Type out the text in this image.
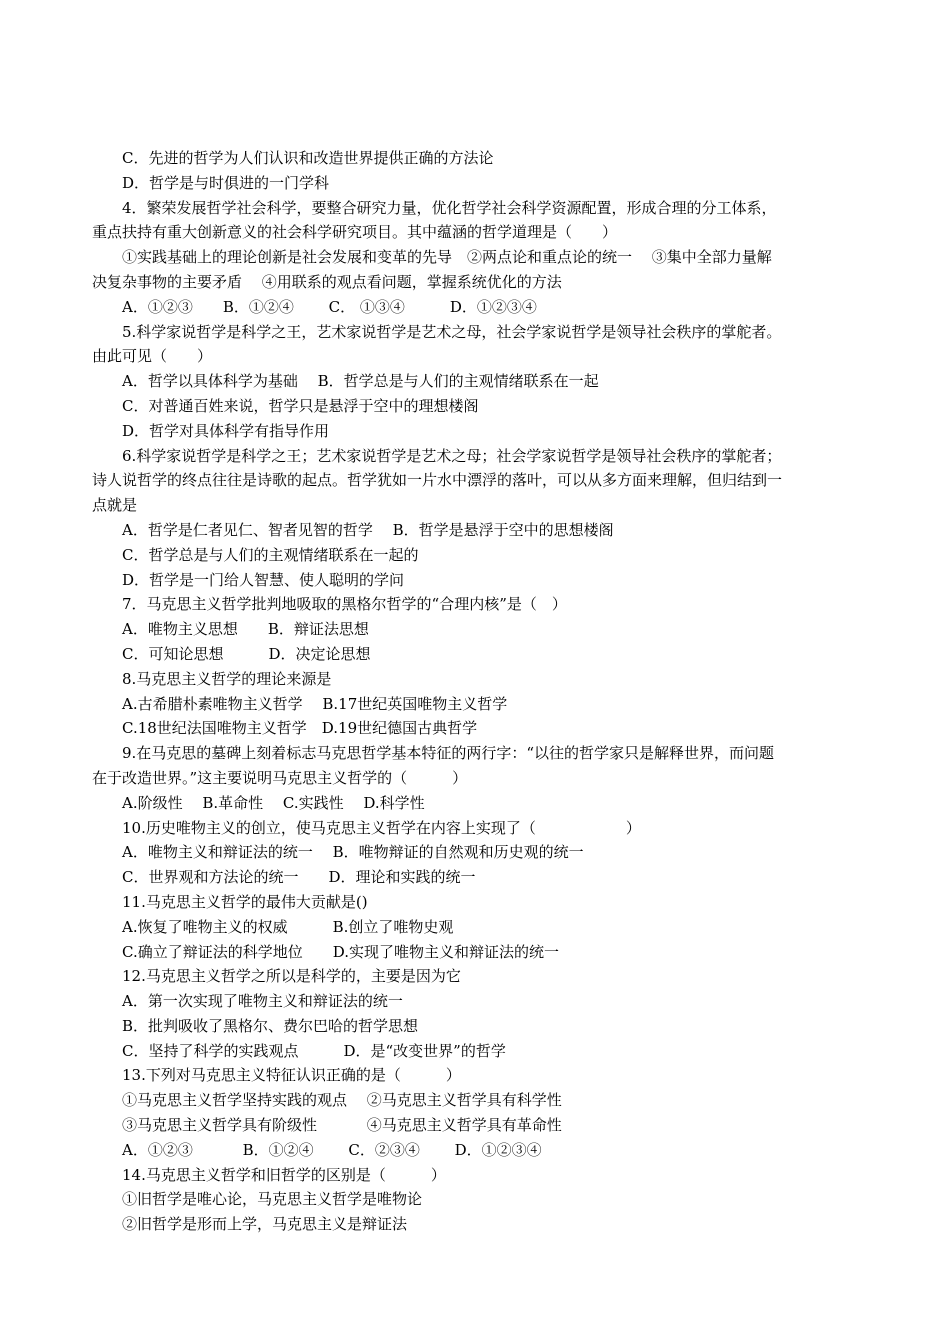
C．先进的哲学为人们认识和改造世界提供正确的方法论
D．哲学是与时俱进的一门学科
4．繁荣发展哲学社会科学，要整合研究力量，优化哲学社会科学资源配置，形成合理的分工体系，
重点扶持有重大创新意义的社会科学研究项目。其中蕴涵的哲学道理是（　　）
①实践基础上的理论创新是社会发展和变革的先导　②两点论和重点论的统一　 ③集中全部力量解
决复杂事物的主要矛盾　 ④用联系的观点看问题，掌握系统优化的方法
A．①②③　　B．①②④　　 C． ①③④　　　D．①②③④
5.科学家说哲学是科学之王，艺术家说哲学是艺术之母，社会学家说哲学是领导社会秩序的掌舵者。
由此可见（　　）
A．哲学以具体科学为基础　 B．哲学总是与人们的主观情绪联系在一起
C．对普通百姓来说，哲学只是悬浮于空中的理想楼阁
D．哲学对具体科学有指导作用
6.科学家说哲学是科学之王；艺术家说哲学是艺术之母；社会学家说哲学是领导社会秩序的掌舵者；
诗人说哲学的终点往往是诗歌的起点。哲学犹如一片水中漂浮的落叶，可以从多方面来理解，但归结到一
点就是
A．哲学是仁者见仁、智者见智的哲学　 B．哲学是悬浮于空中的思想楼阁
C．哲学总是与人们的主观情绪联系在一起的
D．哲学是一门给人智慧、使人聪明的学问
7．马克思主义哲学批判地吸取的黑格尔哲学的“合理内核”是（　）
A．唯物主义思想　　B．辩证法思想
C．可知论思想　　　D．决定论思想
8.马克思主义哲学的理论来源是
A.古希腊朴素唯物主义哲学　 B.17世纪英国唯物主义哲学
C.18世纪法国唯物主义哲学　D.19世纪德国古典哲学
9.在马克思的墓碑上刻着标志马克思哲学基本特征的两行字：“以往的哲学家只是解释世界，而问题
在于改造世界。”这主要说明马克思主义哲学的（　　　）
A.阶级性　 B.革命性　 C.实践性　 D.科学性
10.历史唯物主义的创立，使马克思主义哲学在内容上实现了（　　　　　　）
A．唯物主义和辩证法的统一　 B．唯物辩证的自然观和历史观的统一
C．世界观和方法论的统一　　D．理论和实践的统一
11.马克思主义哲学的最伟大贡献是()
A.恢复了唯物主义的权威　　　B.创立了唯物史观
C.确立了辩证法的科学地位　　D.实现了唯物主义和辩证法的统一
12.马克思主义哲学之所以是科学的，主要是因为它
A．第一次实现了唯物主义和辩证法的统一
B．批判吸收了黑格尔、费尔巴哈的哲学思想
C．坚持了科学的实践观点　　　D．是“改变世界”的哲学
13.下列对马克思主义特征认识正确的是（　　　）
①马克思主义哲学坚持实践的观点　 ②马克思主义哲学具有科学性
③马克思主义哲学具有阶级性　　　 ④马克思主义哲学具有革命性
A．①②③　　　 B．①②④　　 C．②③④　　 D．①②③④
14.马克思主义哲学和旧哲学的区别是（　　　）
①旧哲学是唯心论，马克思主义哲学是唯物论
②旧哲学是形而上学，马克思主义是辩证法
